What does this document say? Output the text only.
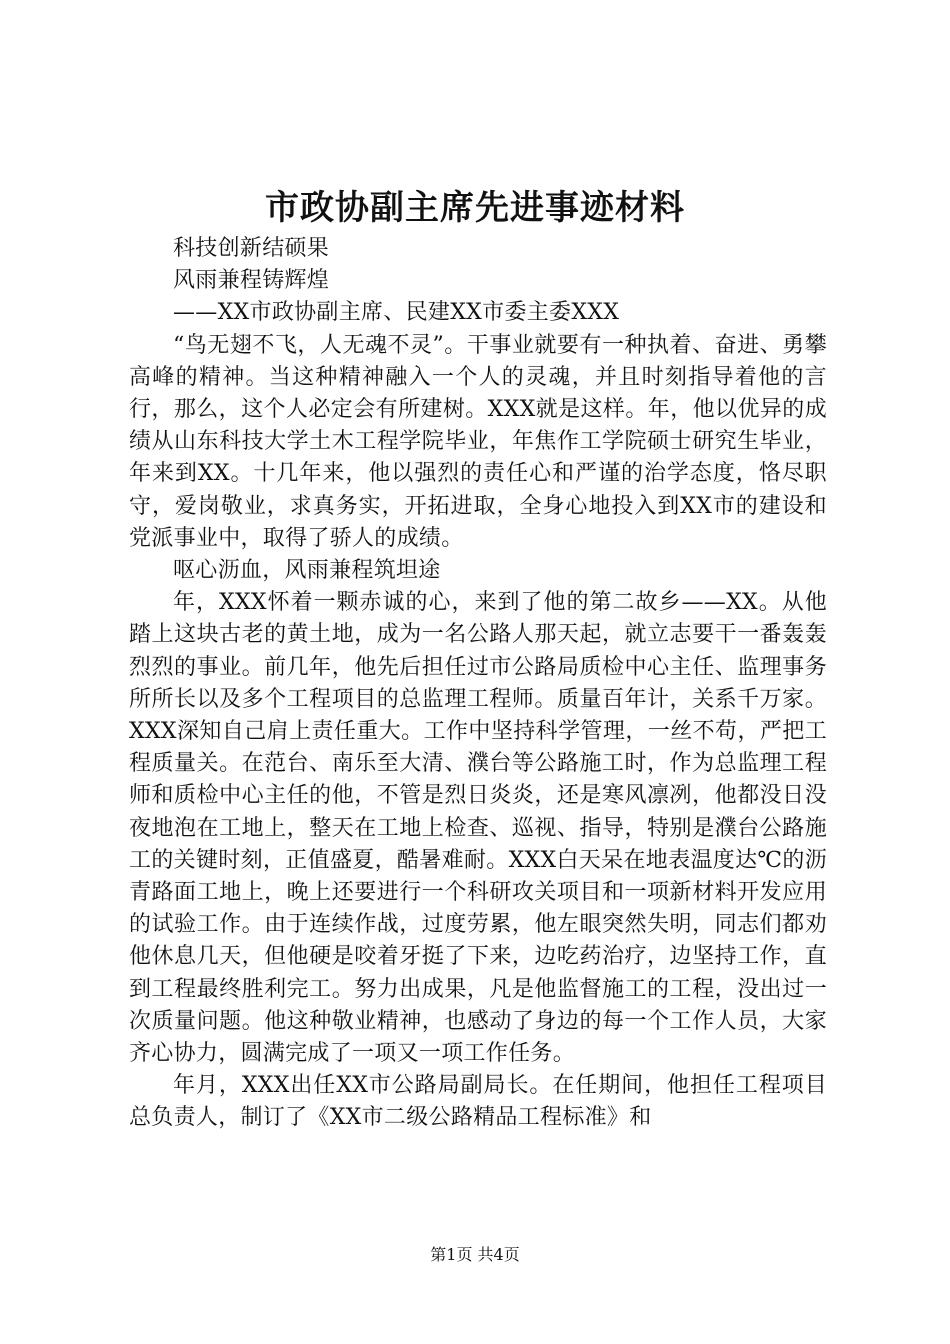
市政协副主席先进事迹材料

科技创新结硕果

风雨兼程铸辉煌

——XX市政协副主席、民建XX市委主委XXX

“鸟无翅不飞，人无魂不灵”。干事业就要有一种执着、奋进、勇攀高峰的精神。当这种精神融入一个人的灵魂，并且时刻指导着他的言行，那么，这个人必定会有所建树。XXX就是这样。年，他以优异的成绩从山东科技大学土木工程学院毕业，年焦作工学院硕士研究生毕业，年来到XX。十几年来，他以强烈的责任心和严谨的治学态度，恪尽职守，爱岗敬业，求真务实，开拓进取，全身心地投入到XX市的建设和党派事业中，取得了骄人的成绩。

呕心沥血，风雨兼程筑坦途

年，XXX怀着一颗赤诚的心，来到了他的第二故乡——XX。从他踏上这块古老的黄土地，成为一名公路人那天起，就立志要干一番轰轰烈烈的事业。前几年，他先后担任过市公路局质检中心主任、监理事务所所长以及多个工程项目的总监理工程师。质量百年计，关系千万家。XXX深知自己肩上责任重大。工作中坚持科学管理，一丝不苟，严把工程质量关。在范台、南乐至大清、濮台等公路施工时，作为总监理工程师和质检中心主任的他，不管是烈日炎炎，还是寒风凛冽，他都没日没夜地泡在工地上，整天在工地上检查、巡视、指导，特别是濮台公路施工的关键时刻，正值盛夏，酷暑难耐。XXX白天呆在地表温度达℃的沥青路面工地上，晚上还要进行一个科研攻关项目和一项新材料开发应用的试验工作。由于连续作战，过度劳累，他左眼突然失明，同志们都劝他休息几天，但他硬是咬着牙挺了下来，边吃药治疗，边坚持工作，直到工程最终胜利完工。努力出成果，凡是他监督施工的工程，没出过一次质量问题。他这种敬业精神，也感动了身边的每一个工作人员，大家齐心协力，圆满完成了一项又一项工作任务。

年月，XXX出任XX市公路局副局长。在任期间，他担任工程项目总负责人，制订了《XX市二级公路精品工程标准》和

第1页 共4页
